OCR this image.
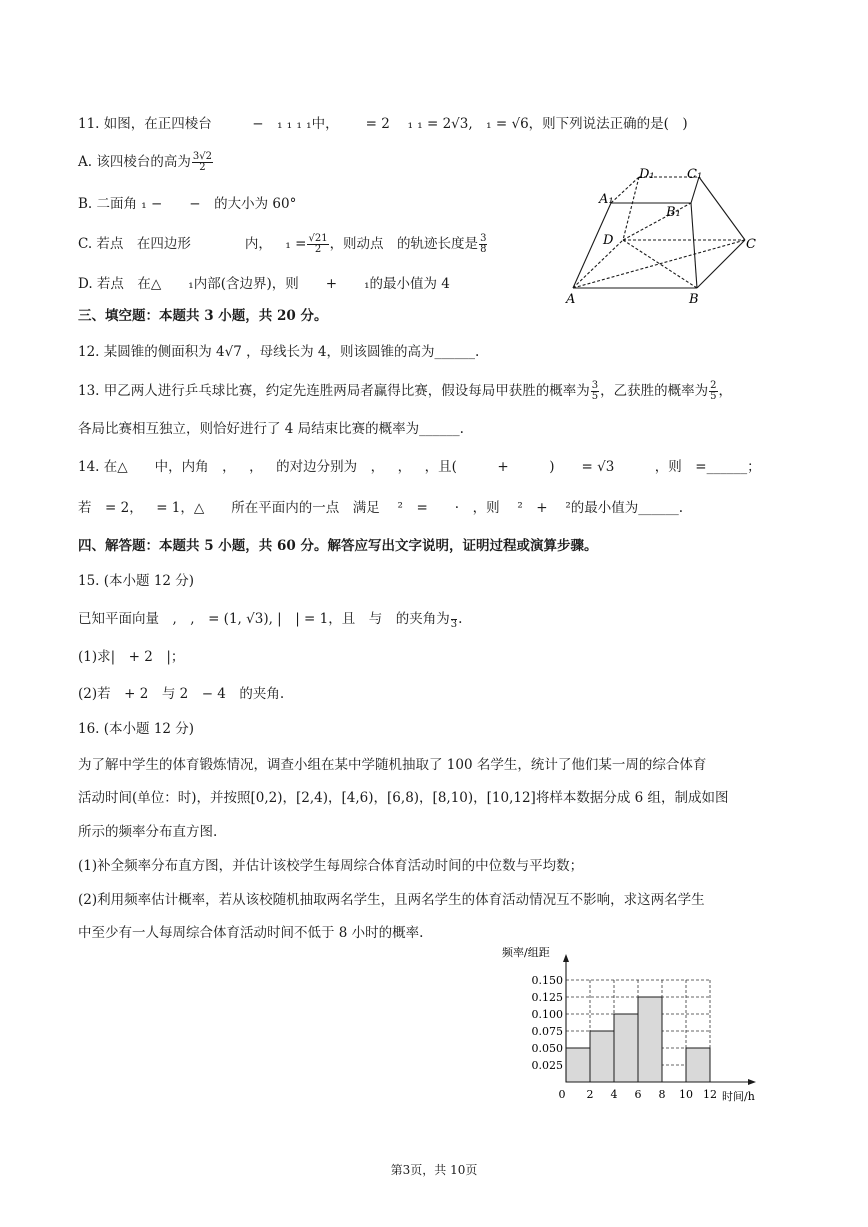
11. 如图，在正四棱台   − ₁ ₁ ₁ ₁中，  = 2  ₁ ₁ = 2√3, ₁ = √6，则下列说法正确的是( )
A. 该四棱台的高为 $\frac{3√2}{2}$
B. 二面角 ₁ −  − 的大小为 60°
C. 若点 在四边形    内， $_1 = \frac{√21}{2}$ ，则动点 的轨迹长度是 $\frac{3}{8}$
D. 若点 在△  ₁内部(含边界)，则  +  ₁的最小值为 4
D₁ C₁
A₁
B₁
D	C
A	B
三、填空题：本题共 3 小题，共 20 分。
12. 某圆锥的侧面积为 4√7 ，母线长为 4，则该圆锥的高为______.
13. 甲乙两人进行乒乓球比赛，约定先连胜两局者赢得比赛，假设每局甲获胜的概率为 $\frac{3}{5}$ ，乙获胜的概率为 $\frac{2}{5}$ ，
各局比赛相互独立，则恰好进行了 4 局结束比赛的概率为______.
14. 在△  中，内角 ， ， 的对边分别为 ， ， ，且(   +   )  = √3   ，则 =______；
若 = 2， = 1，△  所在平面内的一点 满足  ² =  · ，则  ² +  ²的最小值为______.
四、解答题：本题共 5 小题，共 60 分。解答应写出文字说明，证明过程或演算步骤。
15. (本小题 12 分)
已知平面向量 , , = (1, √3), | | = 1，且 与 的夹角为
3 .
(1)求| + 2 |；
(2)若 + 2 与 2 − 4 的夹角.
16. (本小题 12 分)
为了解中学生的体育锻炼情况，调查小组在某中学随机抽取了 100 名学生，统计了他们某一周的综合体育
活动时间(单位：时)，并按照[0,2)，[2,4)，[4,6)，[6,8)，[8,10)，[10,12]将样本数据分成 6 组，制成如图
所示的频率分布直方图.
(1)补全频率分布直方图，并估计该校学生每周综合体育活动时间的中位数与平均数；
(2)利用频率估计概率，若从该校随机抽取两名学生，且两名学生的体育活动情况互不影响，求这两名学生
中至少有一人每周综合体育活动时间不低于 8 小时的概率.
0.025
0.050
0.075
0.100
0.125
0.150
0 2 4 6 8 10 12
频率/组距
时间/h
第3页，共 10页
